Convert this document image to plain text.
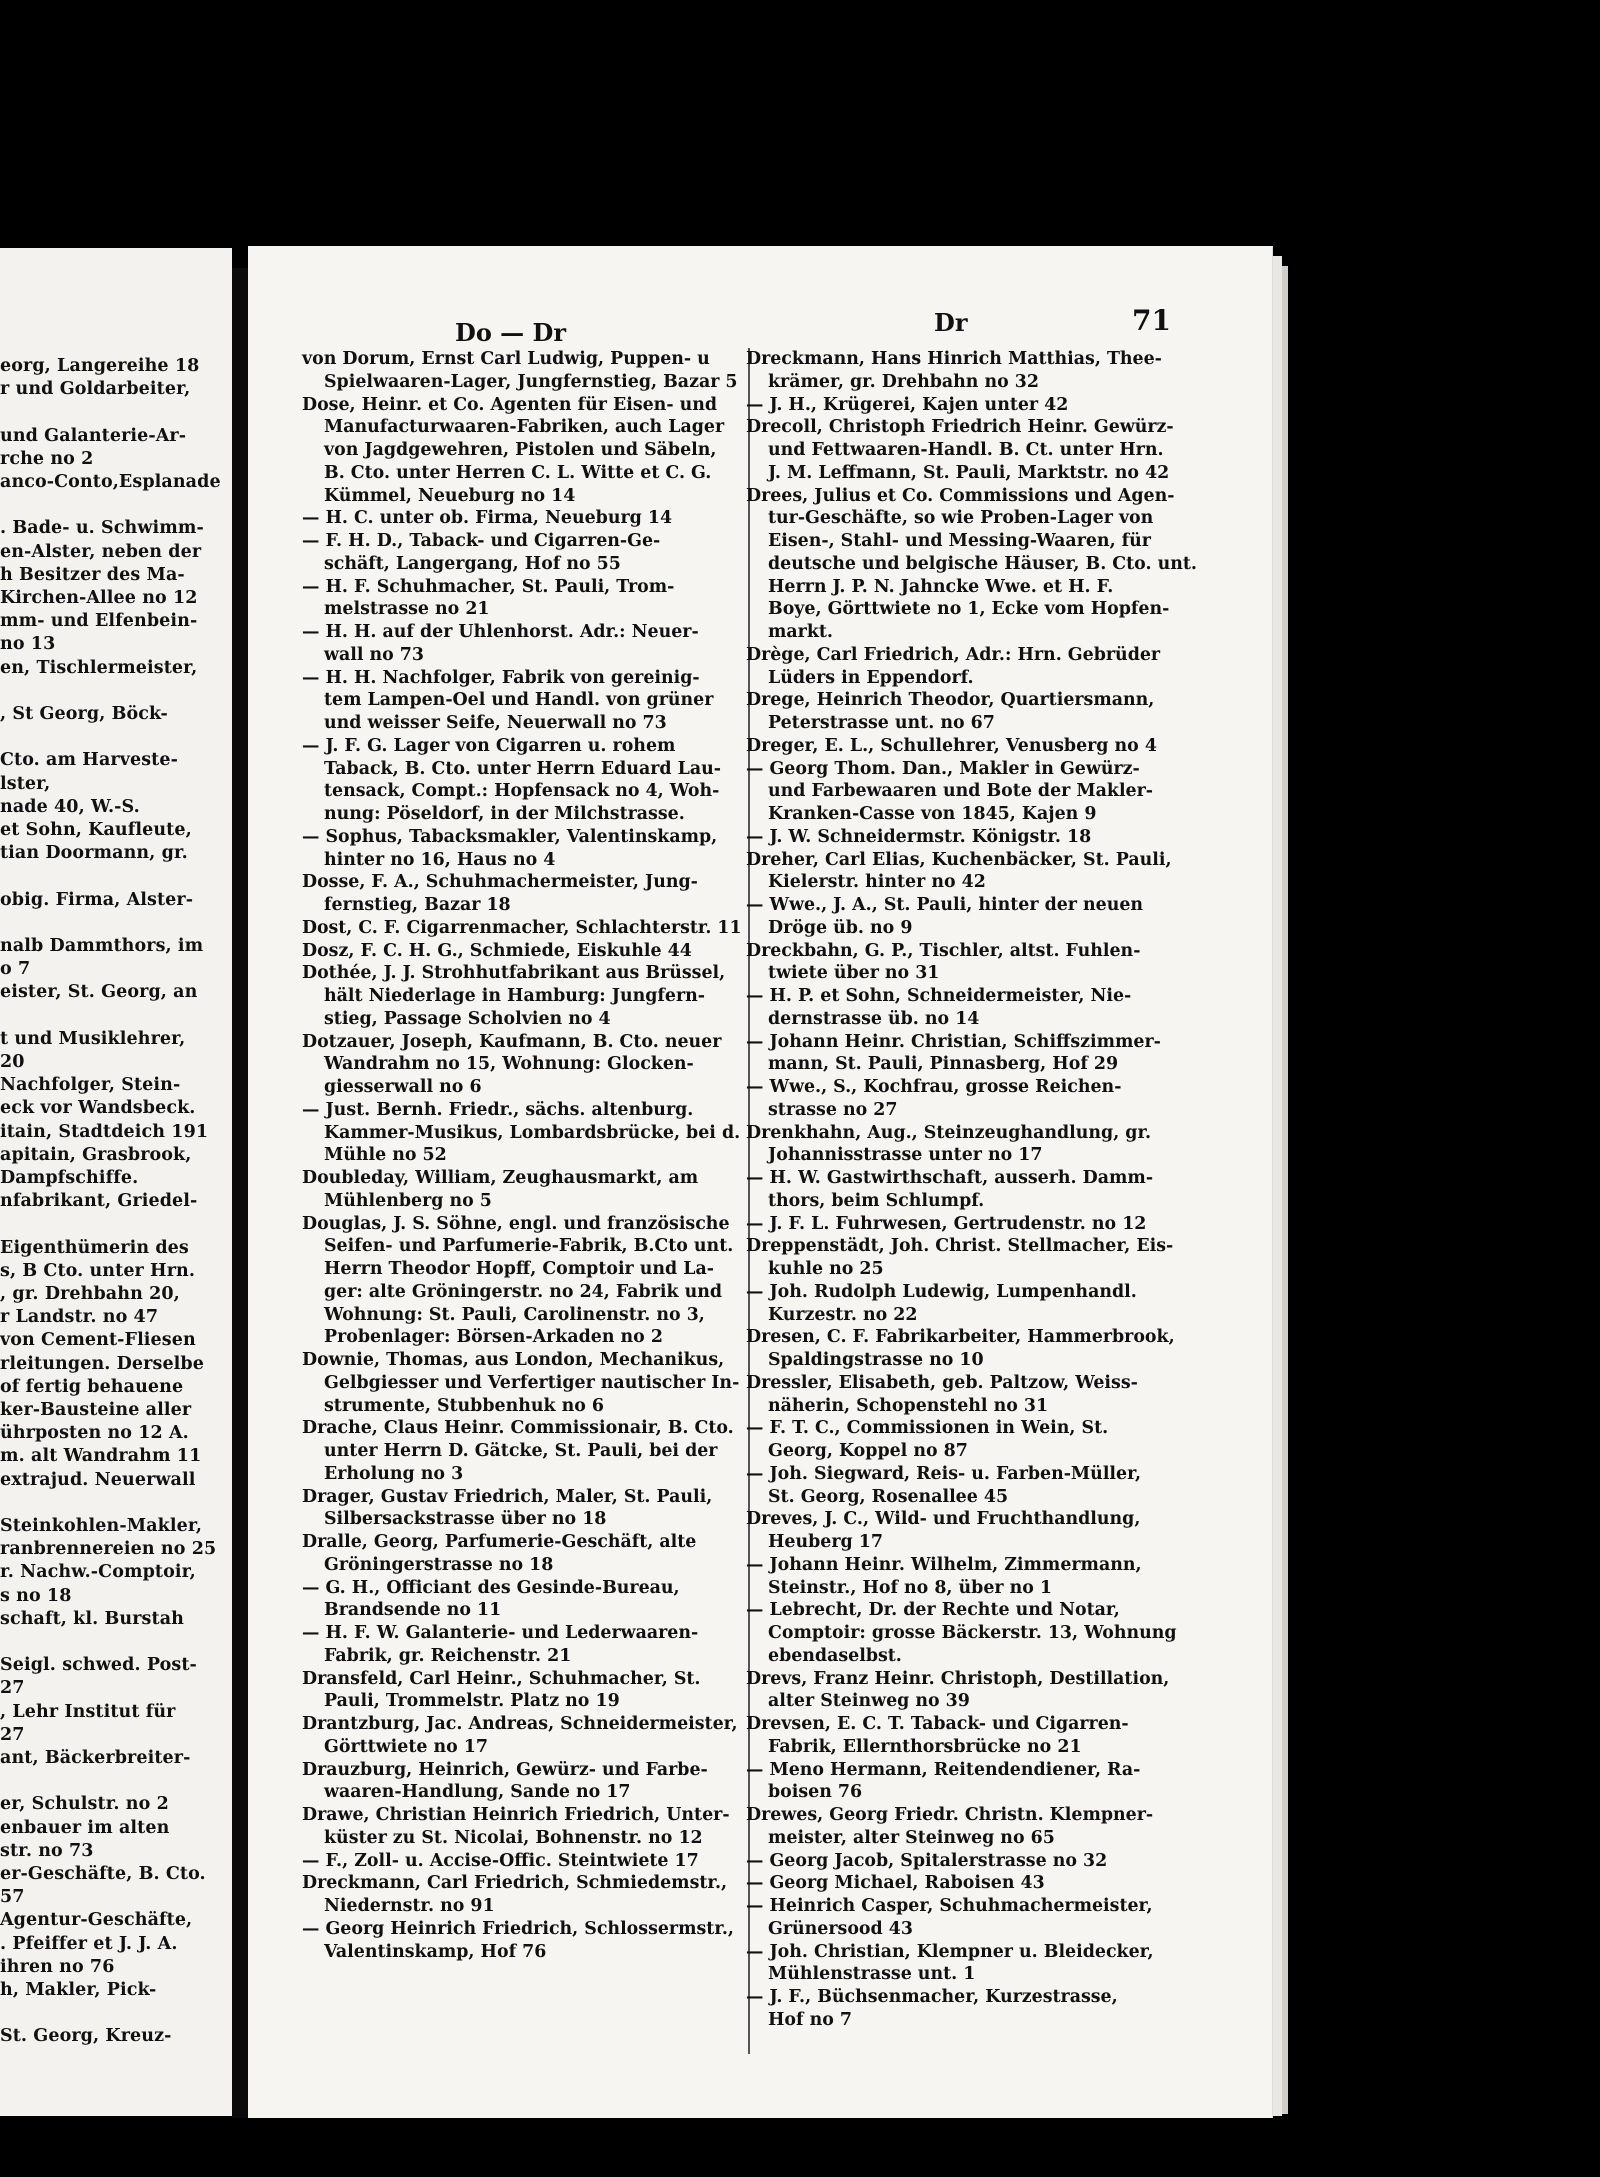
eorg, Langereihe 18
r und Goldarbeiter,
und Galanterie-Ar-
rche no 2
anco-Conto,Esplanade
. Bade- u. Schwimm-
en-Alster, neben der
h Besitzer des Ma-
Kirchen-Allee no 12
mm- und Elfenbein-
no 13
en, Tischlermeister,
, St Georg, Böck-
Cto. am Harveste-
lster,
nade 40, W.-S.
et Sohn, Kaufleute,
tian Doormann, gr.
obig. Firma, Alster-
nalb Dammthors, im
o 7
eister, St. Georg, an
t und Musiklehrer,
20
Nachfolger, Stein-
eck vor Wandsbeck.
itain, Stadtdeich 191
apitain, Grasbrook,
Dampfschiffe.
nfabrikant, Griedel-
Eigenthümerin des
s, B Cto. unter Hrn.
, gr. Drehbahn 20,
r Landstr. no 47
von Cement-Fliesen
rleitungen. Derselbe
of fertig behauene
ker-Bausteine aller
ührposten no 12 A.
m. alt Wandrahm 11
extrajud. Neuerwall
Steinkohlen-Makler,
ranbrennereien no 25
r. Nachw.-Comptoir,
s no 18
schaft, kl. Burstah
Seigl. schwed. Post-
27
, Lehr Institut für
27
ant, Bäckerbreiter-
er, Schulstr. no 2
enbauer im alten
str. no 73
er-Geschäfte, B. Cto.
57
Agentur-Geschäfte,
. Pfeiffer et J. J. A.
ihren no 76
h, Makler, Pick-
St. Georg, Kreuz-
Do — Dr	Dr	71
von Dorum, Ernst Carl Ludwig, Puppen- u
Spielwaaren-Lager, Jungfernstieg, Bazar 5
Dose, Heinr. et Co. Agenten für Eisen- und
Manufacturwaaren-Fabriken, auch Lager
von Jagdgewehren, Pistolen und Säbeln,
B. Cto. unter Herren C. L. Witte et C. G.
Kümmel, Neueburg no 14
— H. C. unter ob. Firma, Neueburg 14
— F. H. D., Taback- und Cigarren-Ge-
schäft, Langergang, Hof no 55
— H. F. Schuhmacher, St. Pauli, Trom-
melstrasse no 21
— H. H. auf der Uhlenhorst. Adr.: Neuer-
wall no 73
— H. H. Nachfolger, Fabrik von gereinig-
tem Lampen-Oel und Handl. von grüner
und weisser Seife, Neuerwall no 73
— J. F. G. Lager von Cigarren u. rohem
Taback, B. Cto. unter Herrn Eduard Lau-
tensack, Compt.: Hopfensack no 4, Woh-
nung: Pöseldorf, in der Milchstrasse.
— Sophus, Tabacksmakler, Valentinskamp,
hinter no 16, Haus no 4
Dosse, F. A., Schuhmachermeister, Jung-
fernstieg, Bazar 18
Dost, C. F. Cigarrenmacher, Schlachterstr. 11
Dosz, F. C. H. G., Schmiede, Eiskuhle 44
Dothée, J. J. Strohhutfabrikant aus Brüssel,
hält Niederlage in Hamburg: Jungfern-
stieg, Passage Scholvien no 4
Dotzauer, Joseph, Kaufmann, B. Cto. neuer
Wandrahm no 15, Wohnung: Glocken-
giesserwall no 6
— Just. Bernh. Friedr., sächs. altenburg.
Kammer-Musikus, Lombardsbrücke, bei d.
Mühle no 52
Doubleday, William, Zeughausmarkt, am
Mühlenberg no 5
Douglas, J. S. Söhne, engl. und französische
Seifen- und Parfumerie-Fabrik, B.Cto unt.
Herrn Theodor Hopff, Comptoir und La-
ger: alte Gröningerstr. no 24, Fabrik und
Wohnung: St. Pauli, Carolinenstr. no 3,
Probenlager: Börsen-Arkaden no 2
Downie, Thomas, aus London, Mechanikus,
Gelbgiesser und Verfertiger nautischer In-
strumente, Stubbenhuk no 6
Drache, Claus Heinr. Commissionair, B. Cto.
unter Herrn D. Gätcke, St. Pauli, bei der
Erholung no 3
Drager, Gustav Friedrich, Maler, St. Pauli,
Silbersackstrasse über no 18
Dralle, Georg, Parfumerie-Geschäft, alte
Gröningerstrasse no 18
— G. H., Officiant des Gesinde-Bureau,
Brandsende no 11
— H. F. W. Galanterie- und Lederwaaren-
Fabrik, gr. Reichenstr. 21
Dransfeld, Carl Heinr., Schuhmacher, St.
Pauli, Trommelstr. Platz no 19
Drantzburg, Jac. Andreas, Schneidermeister,
Görttwiete no 17
Drauzburg, Heinrich, Gewürz- und Farbe-
waaren-Handlung, Sande no 17
Drawe, Christian Heinrich Friedrich, Unter-
küster zu St. Nicolai, Bohnenstr. no 12
— F., Zoll- u. Accise-Offic. Steintwiete 17
Dreckmann, Carl Friedrich, Schmiedemstr.,
Niedernstr. no 91
— Georg Heinrich Friedrich, Schlossermstr.,
Valentinskamp, Hof 76
Dreckmann, Hans Hinrich Matthias, Thee-
krämer, gr. Drehbahn no 32
— J. H., Krügerei, Kajen unter 42
Drecoll, Christoph Friedrich Heinr. Gewürz-
und Fettwaaren-Handl. B. Ct. unter Hrn.
J. M. Leffmann, St. Pauli, Marktstr. no 42
Drees, Julius et Co. Commissions und Agen-
tur-Geschäfte, so wie Proben-Lager von
Eisen-, Stahl- und Messing-Waaren, für
deutsche und belgische Häuser, B. Cto. unt.
Herrn J. P. N. Jahncke Wwe. et H. F.
Boye, Görttwiete no 1, Ecke vom Hopfen-
markt.
Drège, Carl Friedrich, Adr.: Hrn. Gebrüder
Lüders in Eppendorf.
Drege, Heinrich Theodor, Quartiersmann,
Peterstrasse unt. no 67
Dreger, E. L., Schullehrer, Venusberg no 4
— Georg Thom. Dan., Makler in Gewürz-
und Farbewaaren und Bote der Makler-
Kranken-Casse von 1845, Kajen 9
— J. W. Schneidermstr. Königstr. 18
Dreher, Carl Elias, Kuchenbäcker, St. Pauli,
Kielerstr. hinter no 42
— Wwe., J. A., St. Pauli, hinter der neuen
Dröge üb. no 9
Dreckbahn, G. P., Tischler, altst. Fuhlen-
twiete über no 31
— H. P. et Sohn, Schneidermeister, Nie-
dernstrasse üb. no 14
— Johann Heinr. Christian, Schiffszimmer-
mann, St. Pauli, Pinnasberg, Hof 29
— Wwe., S., Kochfrau, grosse Reichen-
strasse no 27
Drenkhahn, Aug., Steinzeughandlung, gr.
Johannisstrasse unter no 17
— H. W. Gastwirthschaft, ausserh. Damm-
thors, beim Schlumpf.
— J. F. L. Fuhrwesen, Gertrudenstr. no 12
Dreppenstädt, Joh. Christ. Stellmacher, Eis-
kuhle no 25
— Joh. Rudolph Ludewig, Lumpenhandl.
Kurzestr. no 22
Dresen, C. F. Fabrikarbeiter, Hammerbrook,
Spaldingstrasse no 10
Dressler, Elisabeth, geb. Paltzow, Weiss-
näherin, Schopenstehl no 31
— F. T. C., Commissionen in Wein, St.
Georg, Koppel no 87
— Joh. Siegward, Reis- u. Farben-Müller,
St. Georg, Rosenallee 45
Dreves, J. C., Wild- und Fruchthandlung,
Heuberg 17
— Johann Heinr. Wilhelm, Zimmermann,
Steinstr., Hof no 8, über no 1
— Lebrecht, Dr. der Rechte und Notar,
Comptoir: grosse Bäckerstr. 13, Wohnung
ebendaselbst.
Drevs, Franz Heinr. Christoph, Destillation,
alter Steinweg no 39
Drevsen, E. C. T. Taback- und Cigarren-
Fabrik, Ellernthorsbrücke no 21
— Meno Hermann, Reitendendiener, Ra-
boisen 76
Drewes, Georg Friedr. Christn. Klempner-
meister, alter Steinweg no 65
— Georg Jacob, Spitalerstrasse no 32
— Georg Michael, Raboisen 43
— Heinrich Casper, Schuhmachermeister,
Grünersood 43
— Joh. Christian, Klempner u. Bleidecker,
Mühlenstrasse unt. 1
— J. F., Büchsenmacher, Kurzestrasse,
Hof no 7
